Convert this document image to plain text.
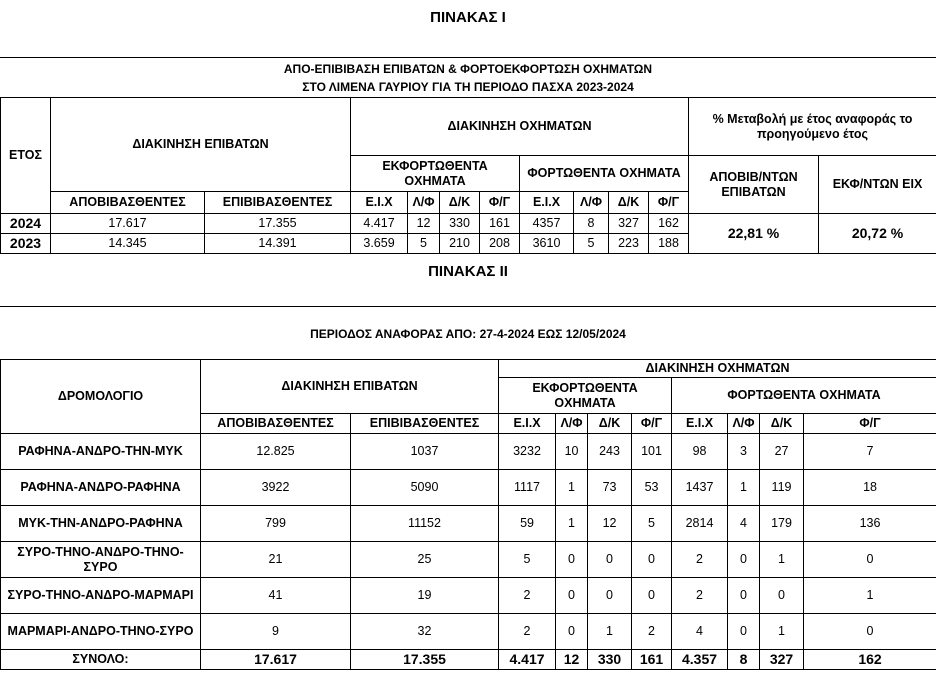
ΠΙΝΑΚΑΣ Ι
ΑΠΟ-ΕΠΙΒΙΒΑΣΗ ΕΠΙΒΑΤΩΝ & ΦΟΡΤΟΕΚΦΟΡΤΩΣΗ ΟΧΗΜΑΤΩΝ
ΣΤΟ ΛΙΜΕΝΑ ΓΑΥΡΙΟΥ ΓΙΑ ΤΗ ΠΕΡΙΟΔΟ ΠΑΣΧΑ 2023-2024
ΕΤΟΣ	ΔΙΑΚΙΝΗΣΗ ΕΠΙΒΑΤΩΝ		ΔΙΑΚΙΝΗΣΗ ΟΧΗΜΑΤΩΝ								% Μεταβολή με έτος αναφοράς το προηγούμενο έτος	
			ΕΚΦΟΡΤΩΘΕΝΤΑ ΟΧΗΜΑΤΑ				ΦΟΡΤΩΘΕΝΤΑ ΟΧΗΜΑΤΑ				ΑΠΟΒΙΒ/ΝΤΩΝ ΕΠΙΒΑΤΩΝ	ΕΚΦ/ΝΤΩΝ ΕΙΧ
	ΑΠΟΒΙΒΑΣΘΕΝΤΕΣ	ΕΠΙΒΙΒΑΣΘΕΝΤΕΣ	Ε.Ι.Χ	Λ/Φ	Δ/Κ	Φ/Γ	Ε.Ι.Χ	Λ/Φ	Δ/Κ	Φ/Γ		
2024	17.617	17.355	4.417	12	330	161	4357	8	327	162	22,81 %	20,72 %
2023	14.345	14.391	3.659	5	210	208	3610	5	223	188		
ΠΙΝΑΚΑΣ ΙΙ
ΠΕΡΙΟΔΟΣ ΑΝΑΦΟΡΑΣ ΑΠΟ: 27-4-2024 ΕΩΣ 12/05/2024
ΔΡΟΜΟΛΟΓΙΟ	ΔΙΑΚΙΝΗΣΗ ΕΠΙΒΑΤΩΝ		ΔΙΑΚΙΝΗΣΗ ΟΧΗΜΑΤΩΝ							
			ΕΚΦΟΡΤΩΘΕΝΤΑ ΟΧΗΜΑΤΑ				ΦΟΡΤΩΘΕΝΤΑ ΟΧΗΜΑΤΑ			
	ΑΠΟΒΙΒΑΣΘΕΝΤΕΣ	ΕΠΙΒΙΒΑΣΘΕΝΤΕΣ	Ε.Ι.Χ	Λ/Φ	Δ/Κ	Φ/Γ	Ε.Ι.Χ	Λ/Φ	Δ/Κ	Φ/Γ
ΡΑΦΗΝΑ-ΑΝΔΡΟ-ΤΗΝ-ΜΥΚ	12.825	1037	3232	10	243	101	98	3	27	7
ΡΑΦΗΝΑ-ΑΝΔΡΟ-ΡΑΦΗΝΑ	3922	5090	1117	1	73	53	1437	1	119	18
ΜΥΚ-ΤΗΝ-ΑΝΔΡΟ-ΡΑΦΗΝΑ	799	11152	59	1	12	5	2814	4	179	136
ΣΥΡΟ-ΤΗΝΟ-ΑΝΔΡΟ-ΤΗΝΟ-ΣΥΡΟ	21	25	5	0	0	0	2	0	1	0
ΣΥΡΟ-ΤΗΝΟ-ΑΝΔΡΟ-ΜΑΡΜΑΡΙ	41	19	2	0	0	0	2	0	0	1
ΜΑΡΜΑΡΙ-ΑΝΔΡΟ-ΤΗΝΟ-ΣΥΡΟ	9	32	2	0	1	2	4	0	1	0
ΣΥΝΟΛΟ:	17.617	17.355	4.417	12	330	161	4.357	8	327	162
